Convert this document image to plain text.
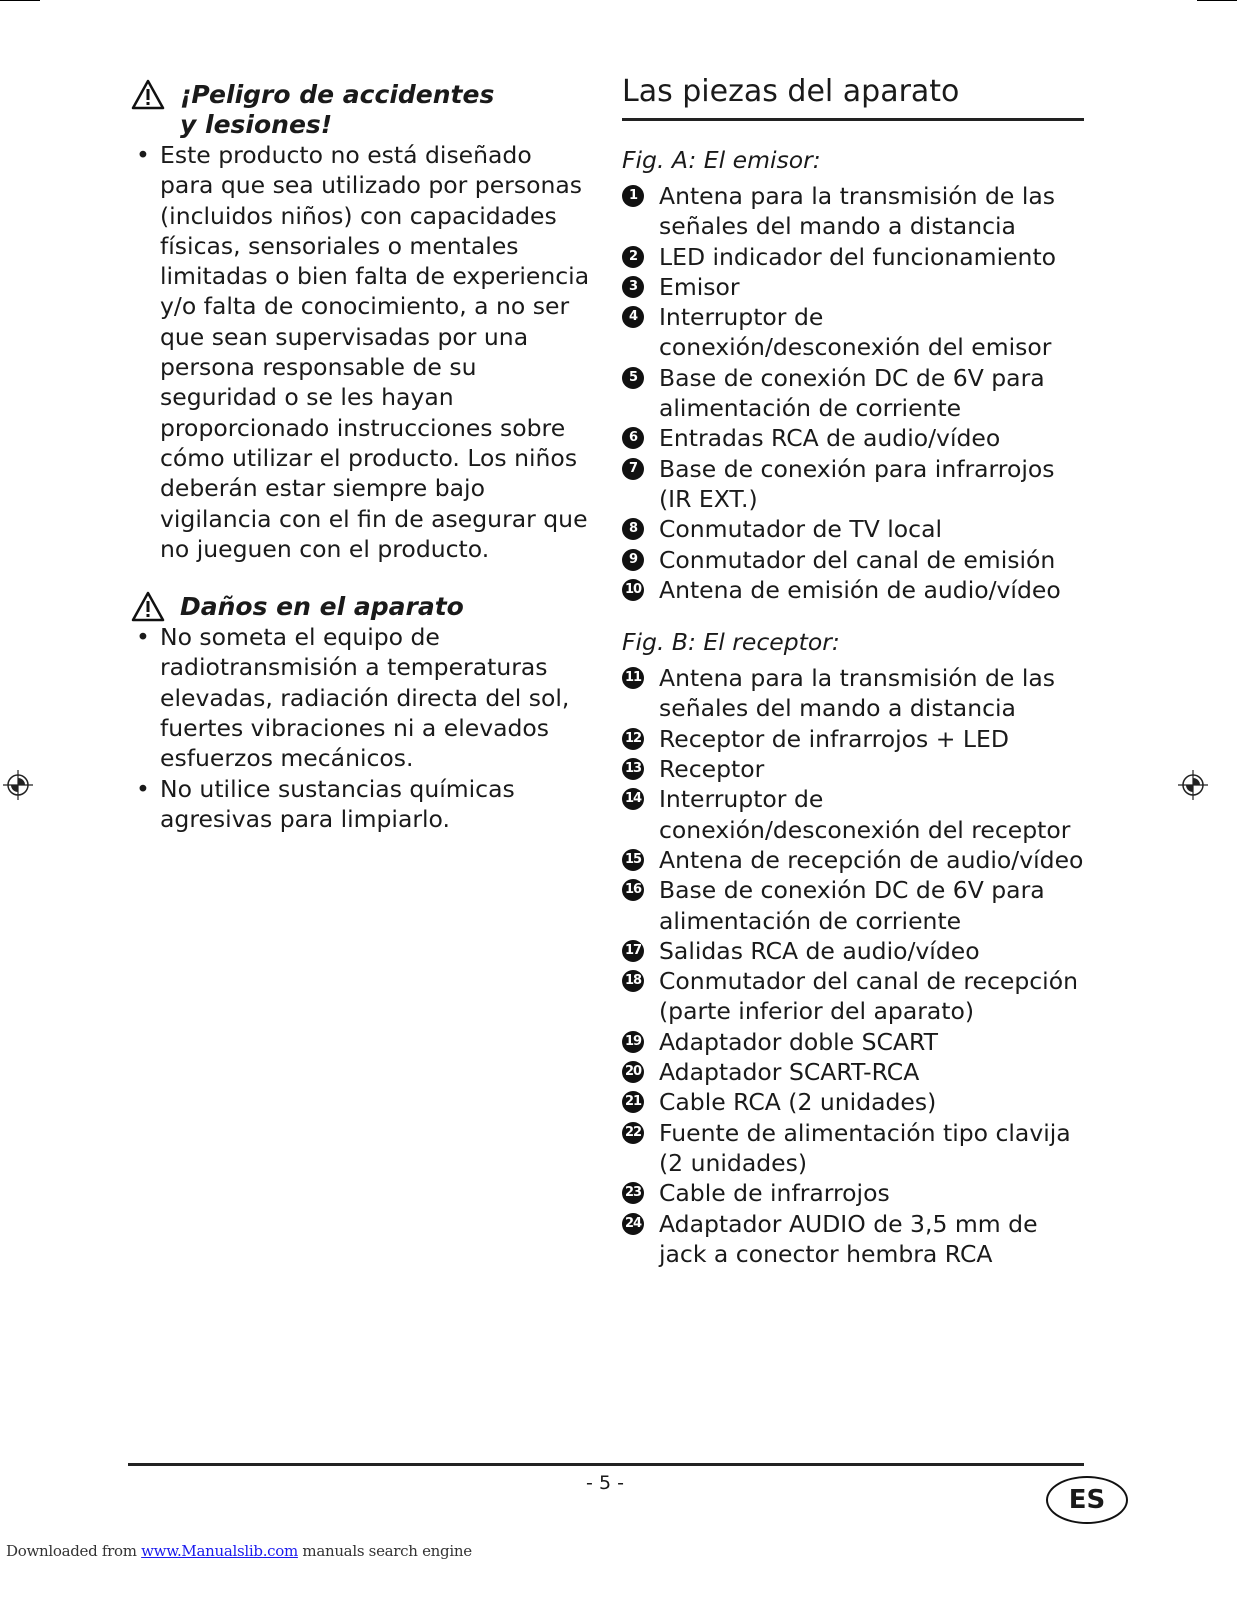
¡Peligro de accidentes
y lesiones!
• Este producto no está diseñado para que sea utilizado por personas (incluidos niños) con capacidades físicas, sensoriales o mentales limitadas o bien falta de experiencia y/o falta de conocimiento, a no ser que sean supervisadas por una persona responsable de su seguridad o se les hayan proporcionado instrucciones sobre cómo utilizar el producto. Los niños deberán estar siempre bajo vigilancia con el fin de asegurar que no jueguen con el producto.
Daños en el aparato
• No someta el equipo de radiotransmisión a temperaturas elevadas, radiación directa del sol, fuertes vibraciones ni a elevados esfuerzos mecánicos.
• No utilice sustancias químicas agresivas para limpiarlo.
Las piezas del aparato
Fig. A: El emisor:
1 Antena para la transmisión de las señales del mando a distancia
2 LED indicador del funcionamiento
3 Emisor
4 Interruptor de conexión/desconexión del emisor
5 Base de conexión DC de 6V para alimentación de corriente
6 Entradas RCA de audio/vídeo
7 Base de conexión para infrarrojos (IR EXT.)
8 Conmutador de TV local
9 Conmutador del canal de emisión
10 Antena de emisión de audio/vídeo
Fig. B: El receptor:
11 Antena para la transmisión de las señales del mando a distancia
12 Receptor de infrarrojos + LED
13 Receptor
14 Interruptor de conexión/desconexión del receptor
15 Antena de recepción de audio/vídeo
16 Base de conexión DC de 6V para alimentación de corriente
17 Salidas RCA de audio/vídeo
18 Conmutador del canal de recepción (parte inferior del aparato)
19 Adaptador doble SCART
20 Adaptador SCART-RCA
21 Cable RCA (2 unidades)
22 Fuente de alimentación tipo clavija (2 unidades)
23 Cable de infrarrojos
24 Adaptador AUDIO de 3,5 mm de jack a conector hembra RCA
- 5 -
ES
Downloaded from www.Manualslib.com manuals search engine
